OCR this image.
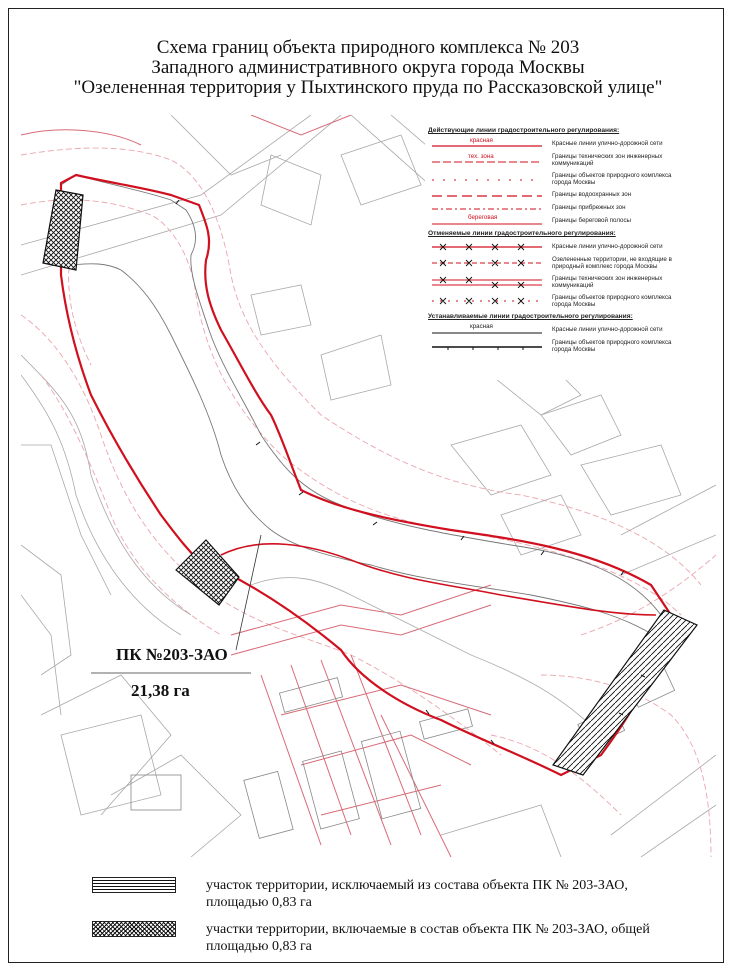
Схема границ объекта природного комплекса № 203
Западного административного округа города Москвы
"Озелененная территория у Пыхтинского пруда по Рассказовской улице"
ПК №203-ЗАО
21,38 га
Действующие линии градостроительного регулирования:
красная	Красные линии улично-дорожной сети
тех. зона	Границы технических зон инженерных коммуникаций
Границы объектов природного комплекса города Москвы
Границы водоохранных зон
Границы прибрежных зон
береговая	Границы береговой полосы
Отменяемые линии градостроительного регулирования:
Красные линии улично-дорожной сети
Озелененные территории, не входящие в природный комплекс города Москвы
Границы технических зон инженерных коммуникаций
Границы объектов природного комплекса города Москвы
Устанавливаемые линии градостроительного регулирования:
красная	Красные линии улично-дорожной сети
Границы объектов природного комплекса города Москвы
участок территории, исключаемый из состава объекта ПК № 203-ЗАО, площадью 0,83 га
участки территории, включаемые в состав объекта ПК № 203-ЗАО, общей площадью 0,83 га
